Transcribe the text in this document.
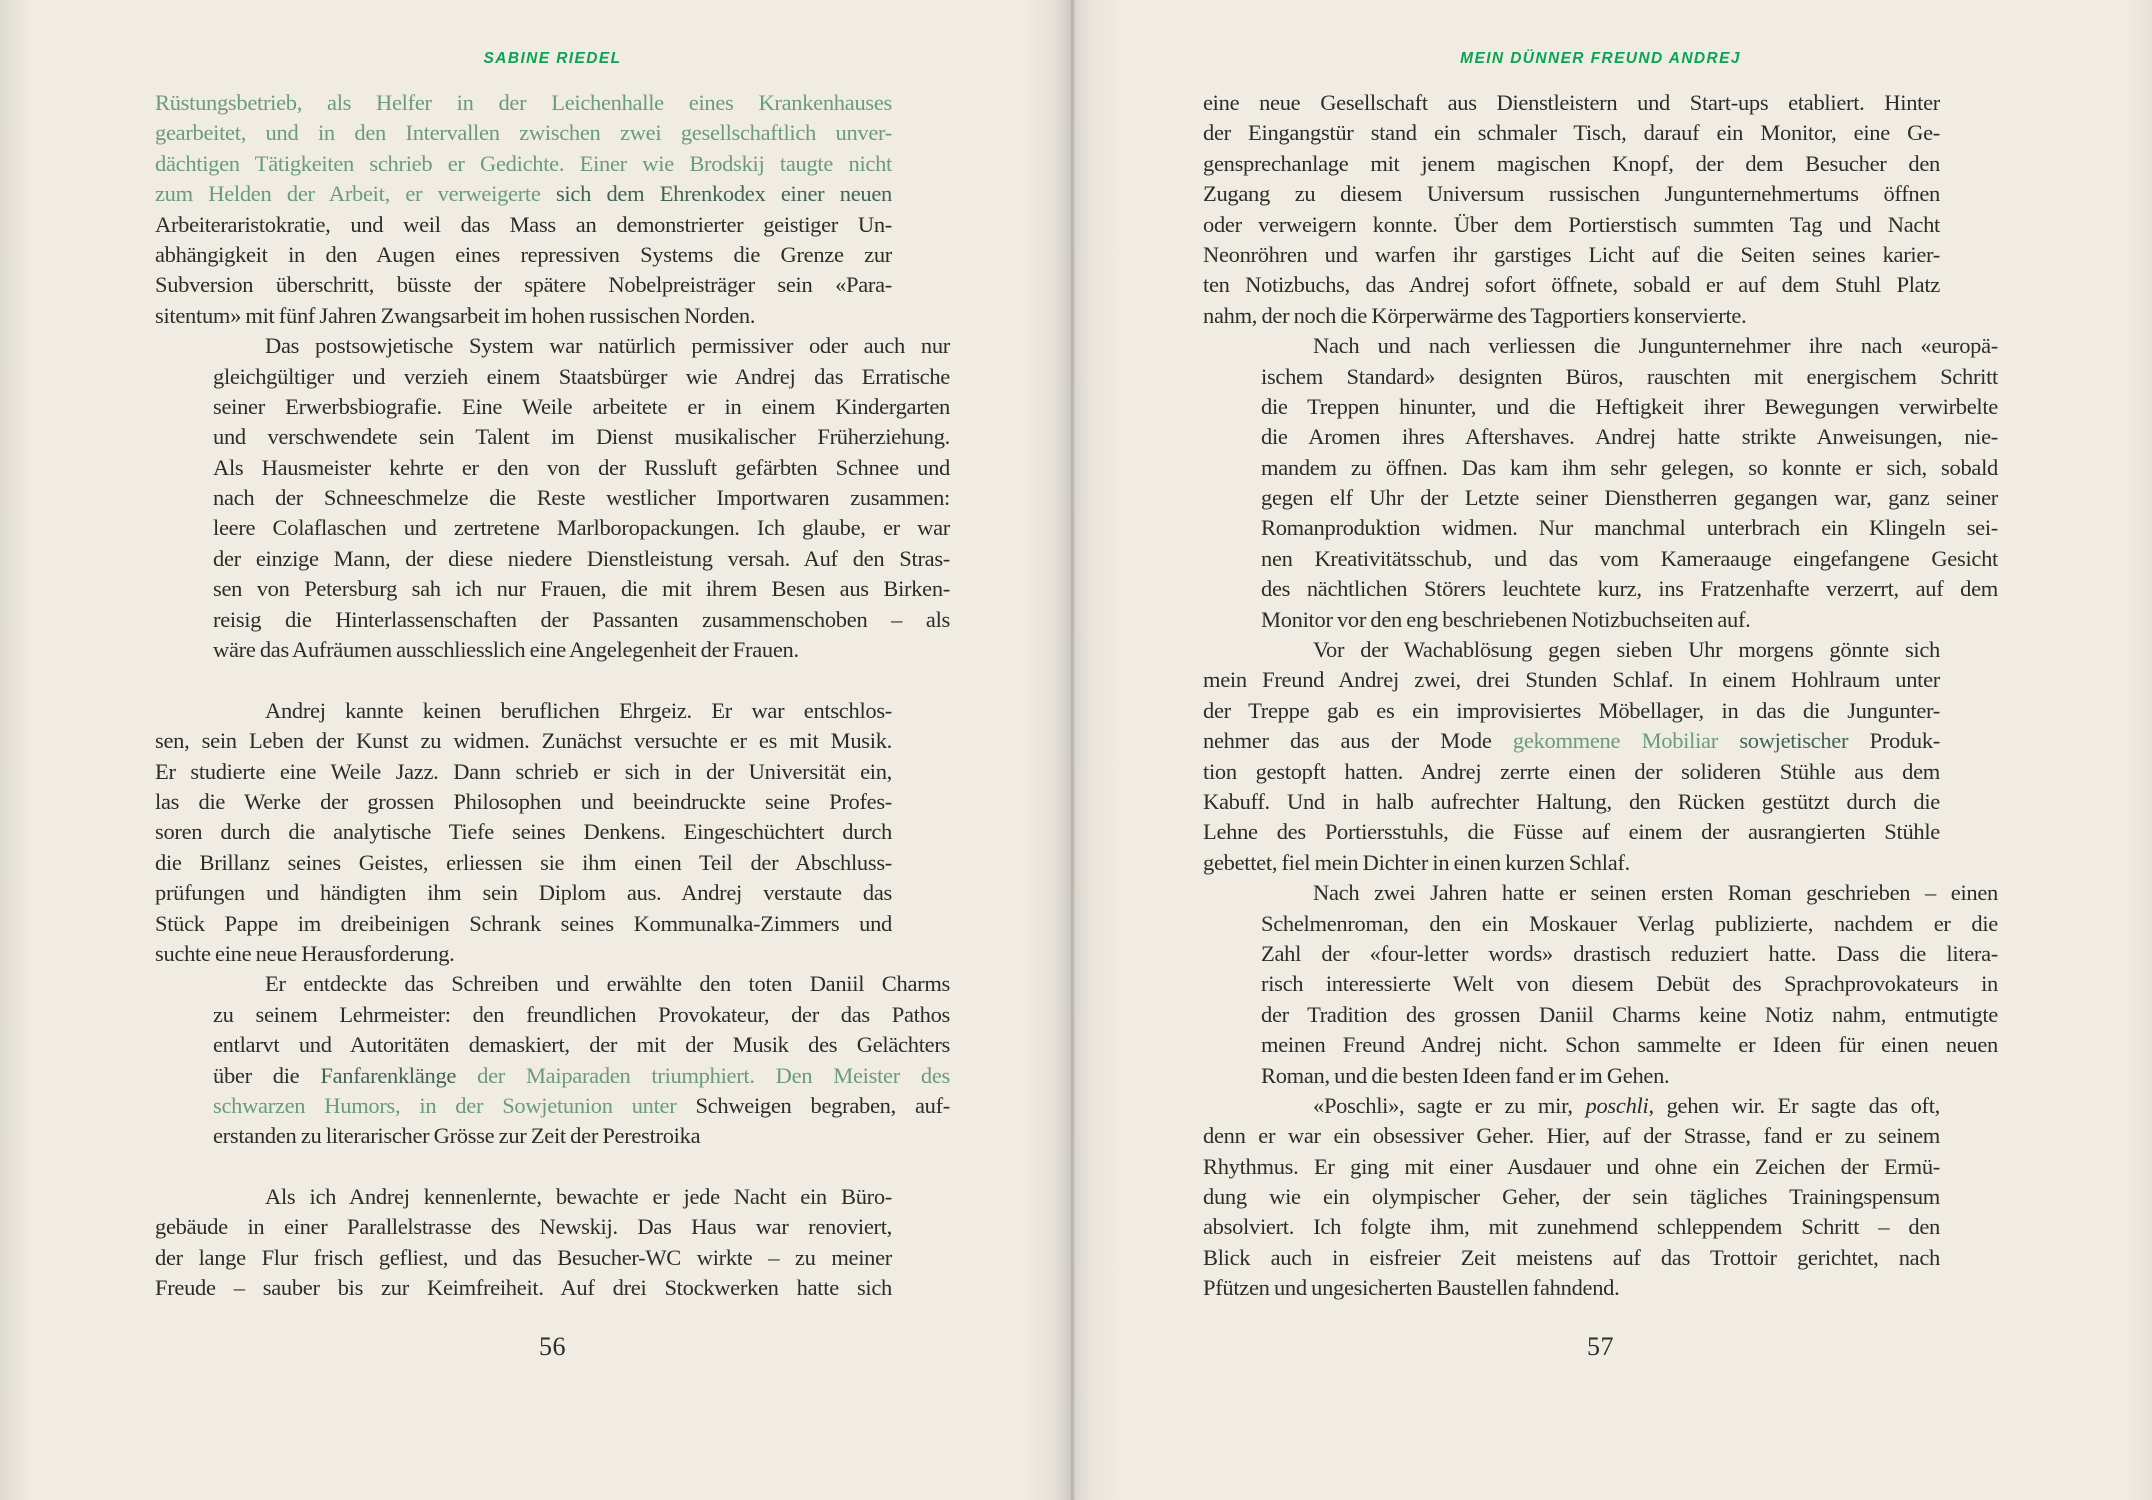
SABINE RIEDEL	MEIN DÜNNER FREUND ANDREJ
Rüstungsbetrieb, als Helfer in der Leichenhalle eines Krankenhauses
gearbeitet, und in den Intervallen zwischen zwei gesellschaftlich unver-
dächtigen Tätigkeiten schrieb er Gedichte. Einer wie Brodskij taugte nicht
zum Helden der Arbeit, er verweigerte sich dem Ehrenkodex einer neuen
Arbeiteraristokratie, und weil das Mass an demonstrierter geistiger Un-
abhängigkeit in den Augen eines repressiven Systems die Grenze zur
Subversion überschritt, büsste der spätere Nobelpreisträger sein «Para-
sitentum» mit fünf Jahren Zwangsarbeit im hohen russischen Norden.
Das postsowjetische System war natürlich permissiver oder auch nur
gleichgültiger und verzieh einem Staatsbürger wie Andrej das Erratische
seiner Erwerbsbiografie. Eine Weile arbeitete er in einem Kindergarten
und verschwendete sein Talent im Dienst musikalischer Früherziehung.
Als Hausmeister kehrte er den von der Russluft gefärbten Schnee und
nach der Schneeschmelze die Reste westlicher Importwaren zusammen:
leere Colaflaschen und zertretene Marlboropackungen. Ich glaube, er war
der einzige Mann, der diese niedere Dienstleistung versah. Auf den Stras-
sen von Petersburg sah ich nur Frauen, die mit ihrem Besen aus Birken-
reisig die Hinterlassenschaften der Passanten zusammenschoben – als
wäre das Aufräumen ausschliesslich eine Angelegenheit der Frauen.
Andrej kannte keinen beruflichen Ehrgeiz. Er war entschlos-
sen, sein Leben der Kunst zu widmen. Zunächst versuchte er es mit Musik.
Er studierte eine Weile Jazz. Dann schrieb er sich in der Universität ein,
las die Werke der grossen Philosophen und beeindruckte seine Profes-
soren durch die analytische Tiefe seines Denkens. Eingeschüchtert durch
die Brillanz seines Geistes, erliessen sie ihm einen Teil der Abschluss-
prüfungen und händigten ihm sein Diplom aus. Andrej verstaute das
Stück Pappe im dreibeinigen Schrank seines Kommunalka-Zimmers und
suchte eine neue Herausforderung.
Er entdeckte das Schreiben und erwählte den toten Daniil Charms
zu seinem Lehrmeister: den freundlichen Provokateur, der das Pathos
entlarvt und Autoritäten demaskiert, der mit der Musik des Gelächters
über die Fanfarenklänge der Maiparaden triumphiert. Den Meister des
schwarzen Humors, in der Sowjetunion unter Schweigen begraben, auf-
erstanden zu literarischer Grösse zur Zeit der Perestroika
Als ich Andrej kennenlernte, bewachte er jede Nacht ein Büro-
gebäude in einer Parallelstrasse des Newskij. Das Haus war renoviert,
der lange Flur frisch gefliest, und das Besucher-WC wirkte – zu meiner
Freude – sauber bis zur Keimfreiheit. Auf drei Stockwerken hatte sich
eine neue Gesellschaft aus Dienstleistern und Start-ups etabliert. Hinter
der Eingangstür stand ein schmaler Tisch, darauf ein Monitor, eine Ge-
gensprechanlage mit jenem magischen Knopf, der dem Besucher den
Zugang zu diesem Universum russischen Jungunternehmertums öffnen
oder verweigern konnte. Über dem Portierstisch summten Tag und Nacht
Neonröhren und warfen ihr garstiges Licht auf die Seiten seines karier-
ten Notizbuchs, das Andrej sofort öffnete, sobald er auf dem Stuhl Platz
nahm, der noch die Körperwärme des Tagportiers konservierte.
Nach und nach verliessen die Jungunternehmer ihre nach «europä-
ischem Standard» designten Büros, rauschten mit energischem Schritt
die Treppen hinunter, und die Heftigkeit ihrer Bewegungen verwirbelte
die Aromen ihres Aftershaves. Andrej hatte strikte Anweisungen, nie-
mandem zu öffnen. Das kam ihm sehr gelegen, so konnte er sich, sobald
gegen elf Uhr der Letzte seiner Dienstherren gegangen war, ganz seiner
Romanproduktion widmen. Nur manchmal unterbrach ein Klingeln sei-
nen Kreativitätsschub, und das vom Kameraauge eingefangene Gesicht
des nächtlichen Störers leuchtete kurz, ins Fratzenhafte verzerrt, auf dem
Monitor vor den eng beschriebenen Notizbuchseiten auf.
Vor der Wachablösung gegen sieben Uhr morgens gönnte sich
mein Freund Andrej zwei, drei Stunden Schlaf. In einem Hohlraum unter
der Treppe gab es ein improvisiertes Möbellager, in das die Jungunter-
nehmer das aus der Mode gekommene Mobiliar sowjetischer Produk-
tion gestopft hatten. Andrej zerrte einen der solideren Stühle aus dem
Kabuff. Und in halb aufrechter Haltung, den Rücken gestützt durch die
Lehne des Portiersstuhls, die Füsse auf einem der ausrangierten Stühle
gebettet, fiel mein Dichter in einen kurzen Schlaf.
Nach zwei Jahren hatte er seinen ersten Roman geschrieben – einen
Schelmenroman, den ein Moskauer Verlag publizierte, nachdem er die
Zahl der «four-letter words» drastisch reduziert hatte. Dass die litera-
risch interessierte Welt von diesem Debüt des Sprachprovokateurs in
der Tradition des grossen Daniil Charms keine Notiz nahm, entmutigte
meinen Freund Andrej nicht. Schon sammelte er Ideen für einen neuen
Roman, und die besten Ideen fand er im Gehen.
«Poschli», sagte er zu mir, poschli, gehen wir. Er sagte das oft,
denn er war ein obsessiver Geher. Hier, auf der Strasse, fand er zu seinem
Rhythmus. Er ging mit einer Ausdauer und ohne ein Zeichen der Ermü-
dung wie ein olympischer Geher, der sein tägliches Trainingspensum
absolviert. Ich folgte ihm, mit zunehmend schleppendem Schritt – den
Blick auch in eisfreier Zeit meistens auf das Trottoir gerichtet, nach
Pfützen und ungesicherten Baustellen fahndend.
56	57
